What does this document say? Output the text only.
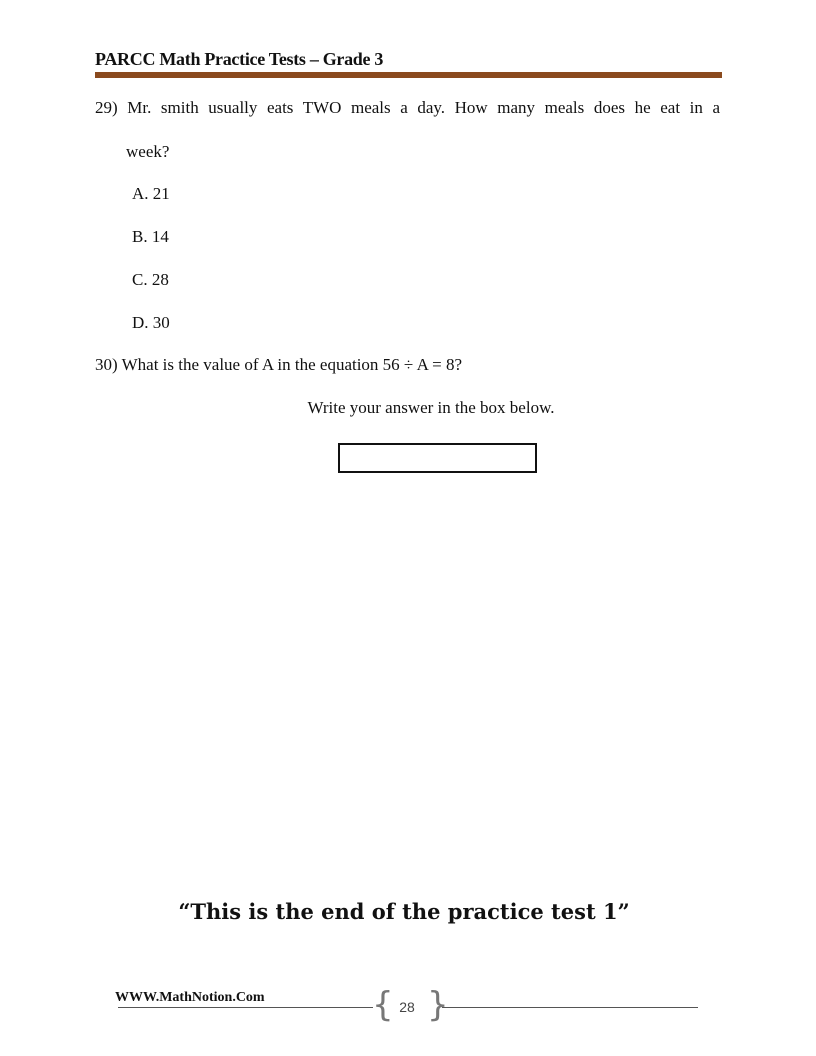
PARCC Math Practice Tests – Grade 3
29) Mr. smith usually eats TWO meals a day. How many meals does he eat in a
week?
A. 21
B. 14
C. 28
D. 30
30) What is the value of A in the equation 56 ÷ A = 8?
Write your answer in the box below.
“This is the end of the practice test 1”
WWW.MathNotion.Com	{ 28 }
